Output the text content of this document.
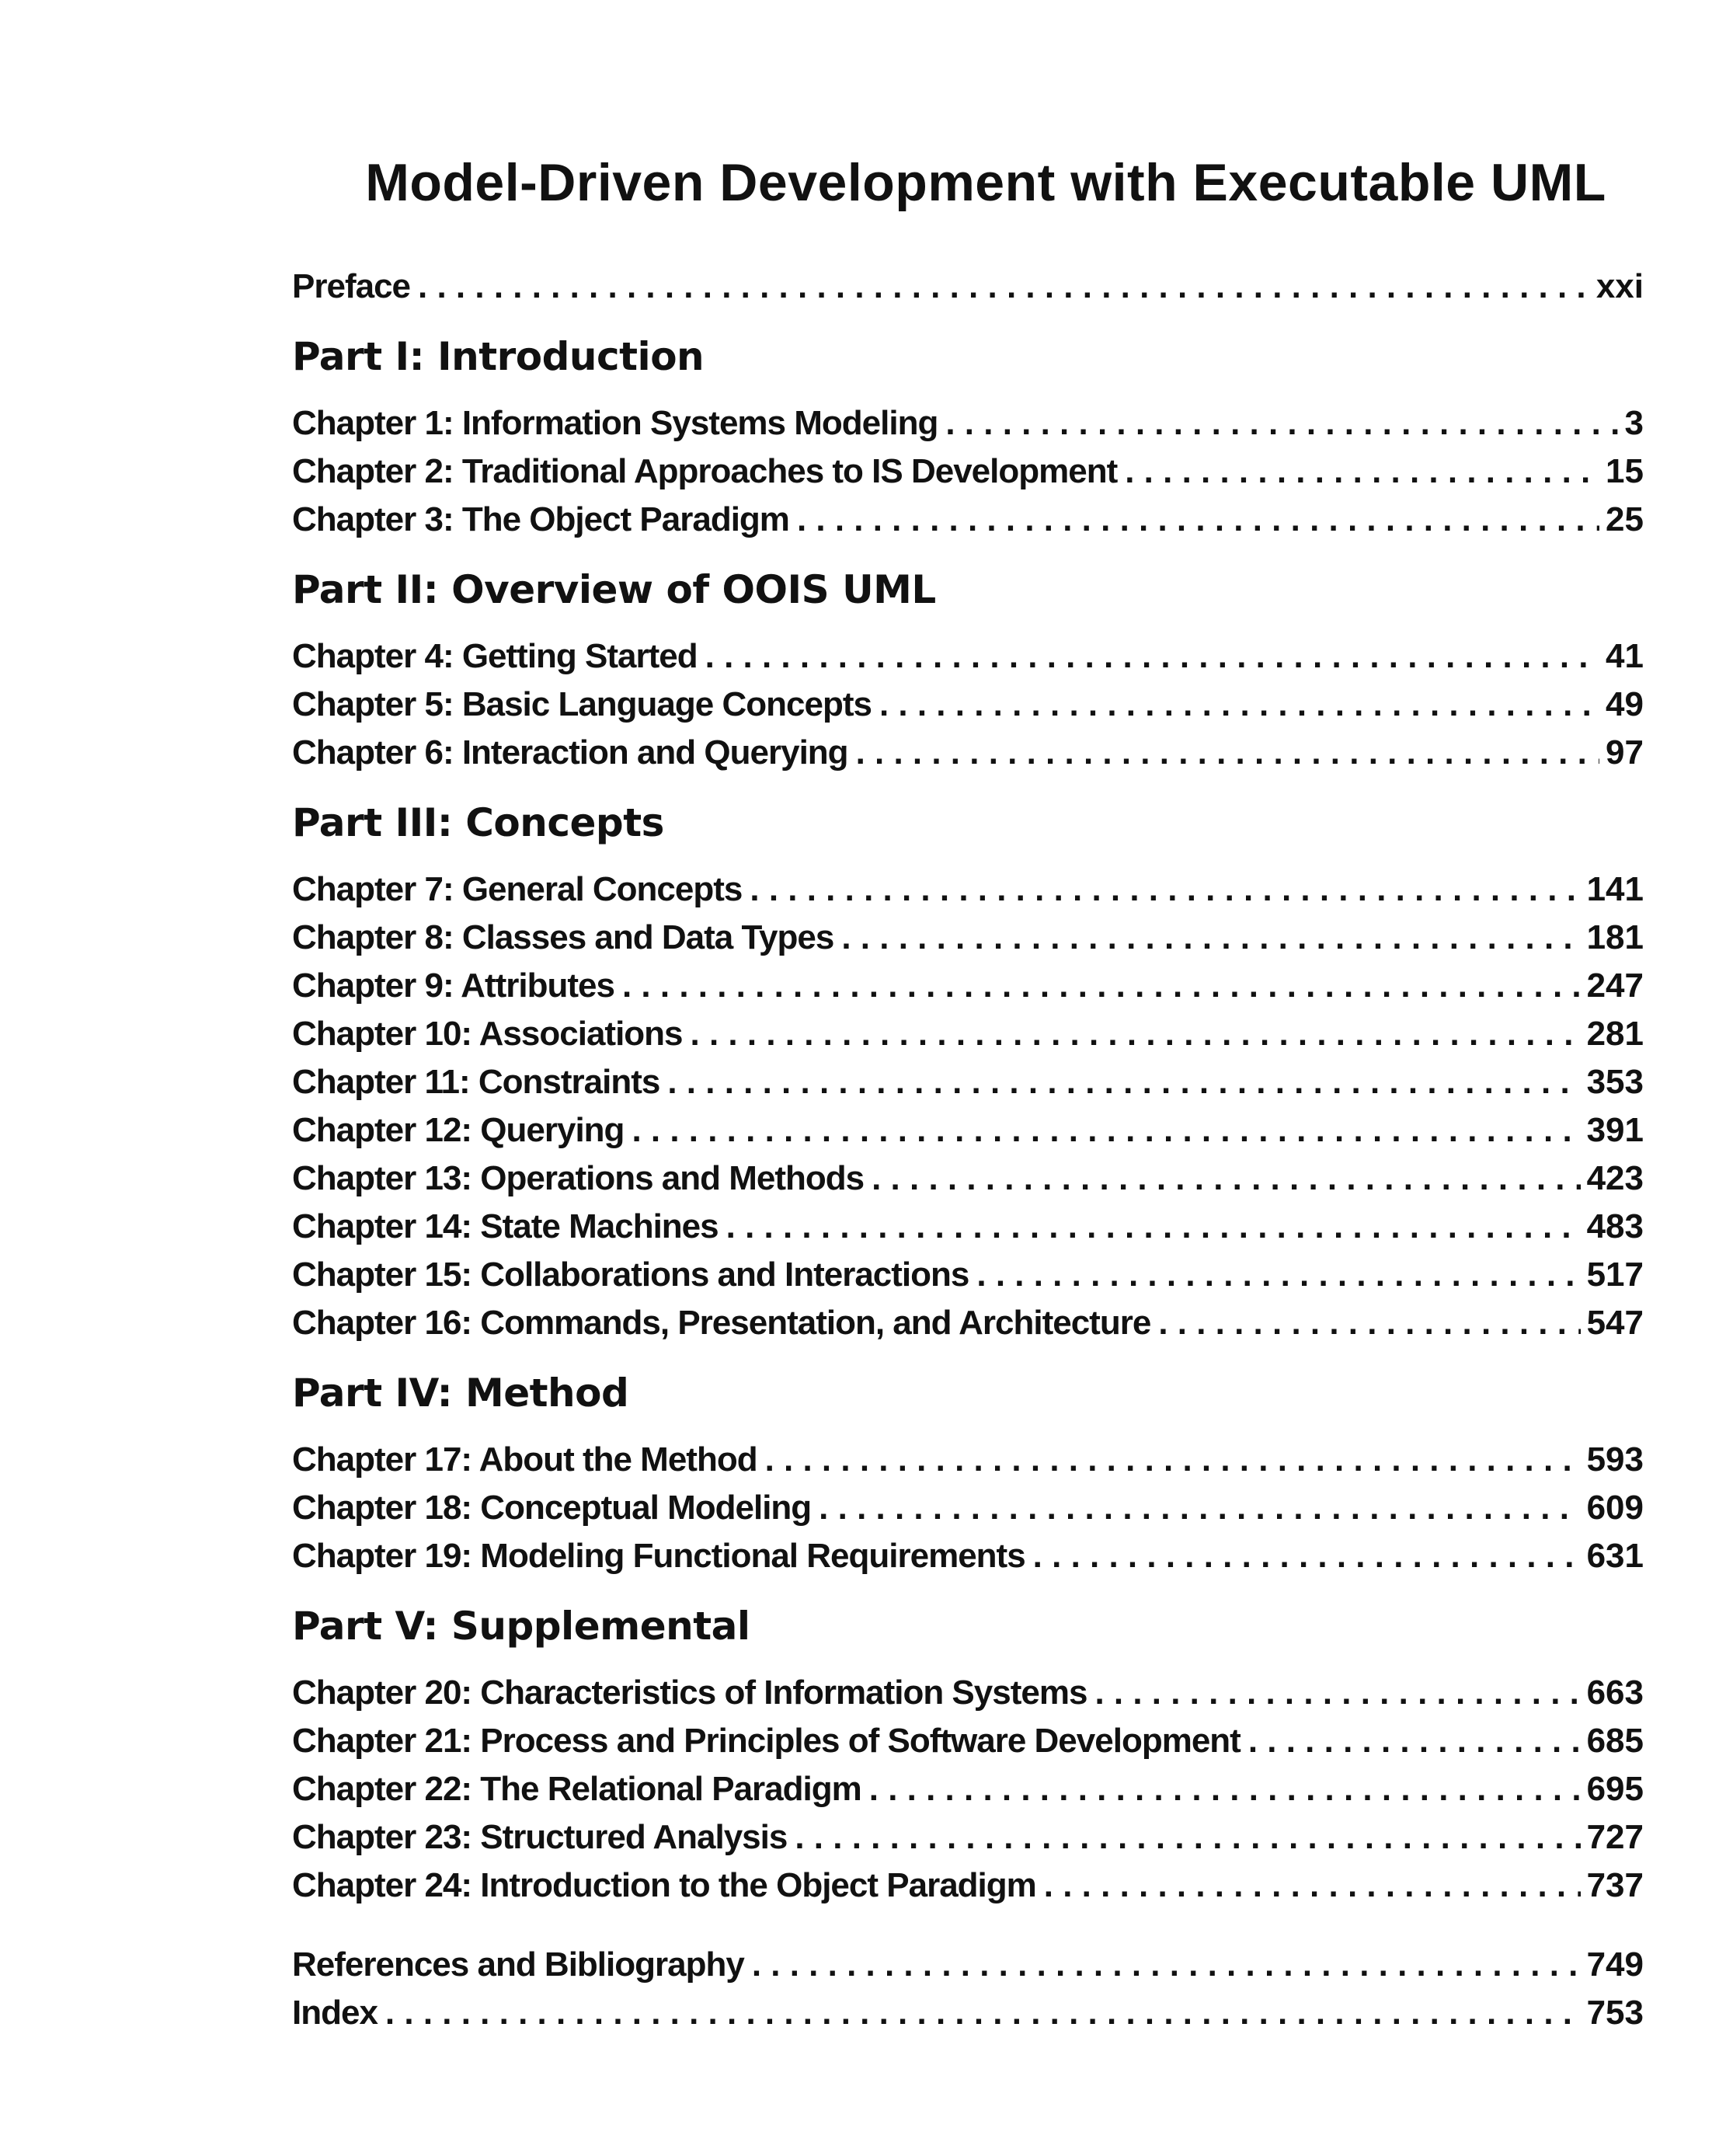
Model-Driven Development with Executable UML
Preface . . .	xxi
Part I: Introduction
Chapter 1: Information Systems Modeling . . .	3
Chapter 2: Traditional Approaches to IS Development . . .	15
Chapter 3: The Object Paradigm . . .	25
Part II: Overview of OOIS UML
Chapter 4: Getting Started . . .	41
Chapter 5: Basic Language Concepts . . .	49
Chapter 6: Interaction and Querying . . .	97
Part III: Concepts
Chapter 7: General Concepts . . .	141
Chapter 8: Classes and Data Types . . .	181
Chapter 9: Attributes . . .	247
Chapter 10: Associations . . .	281
Chapter 11: Constraints . . .	353
Chapter 12: Querying . . .	391
Chapter 13: Operations and Methods . . .	423
Chapter 14: State Machines . . .	483
Chapter 15: Collaborations and Interactions . . .	517
Chapter 16: Commands, Presentation, and Architecture . . .	547
Part IV: Method
Chapter 17: About the Method . . .	593
Chapter 18: Conceptual Modeling . . .	609
Chapter 19: Modeling Functional Requirements . . .	631
Part V: Supplemental
Chapter 20: Characteristics of Information Systems . . .	663
Chapter 21: Process and Principles of Software Development . . .	685
Chapter 22: The Relational Paradigm . . .	695
Chapter 23: Structured Analysis . . .	727
Chapter 24: Introduction to the Object Paradigm . . .	737
References and Bibliography . . .	749
Index . . .	753
